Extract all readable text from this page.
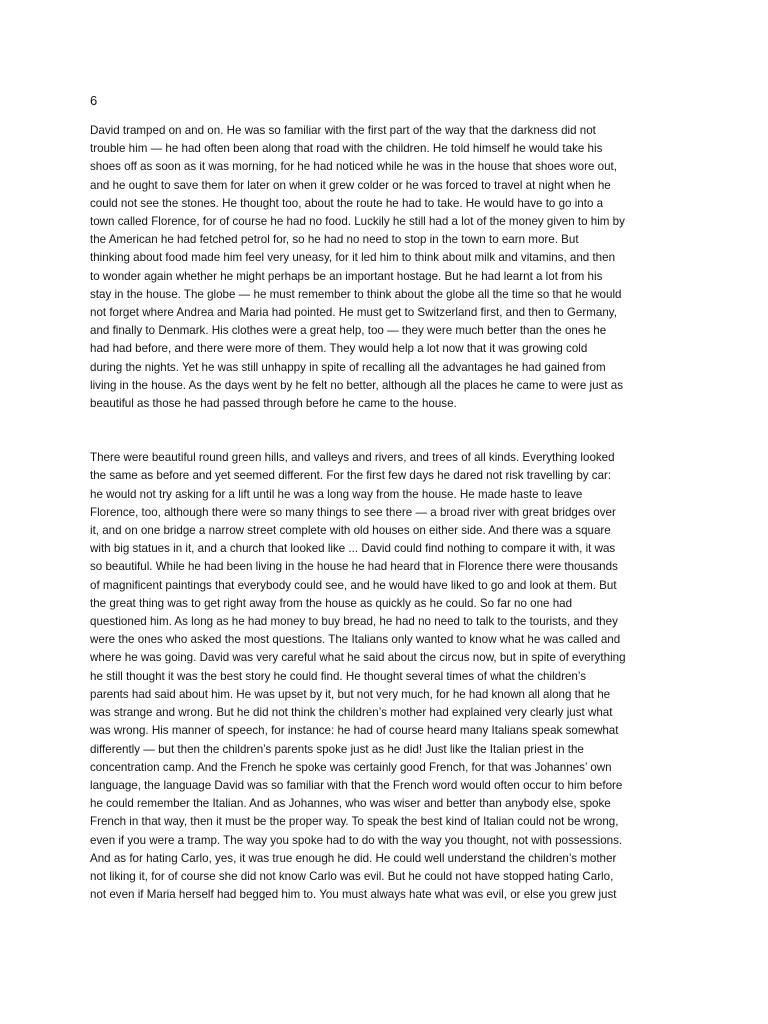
6
David tramped on and on. He was so familiar with the first part of the way that the darkness did not
trouble him — he had often been along that road with the children. He told himself he would take his
shoes off as soon as it was morning, for he had noticed while he was in the house that shoes wore out,
and he ought to save them for later on when it grew colder or he was forced to travel at night when he
could not see the stones. He thought too, about the route he had to take. He would have to go into a
town called Florence, for of course he had no food. Luckily he still had a lot of the money given to him by
the American he had fetched petrol for, so he had no need to stop in the town to earn more. But
thinking about food made him feel very uneasy, for it led him to think about milk and vitamins, and then
to wonder again whether he might perhaps be an important hostage. But he had learnt a lot from his
stay in the house. The globe — he must remember to think about the globe all the time so that he would
not forget where Andrea and Maria had pointed. He must get to Switzerland first, and then to Germany,
and finally to Denmark. His clothes were a great help, too — they were much better than the ones he
had had before, and there were more of them. They would help a lot now that it was growing cold
during the nights. Yet he was still unhappy in spite of recalling all the advantages he had gained from
living in the house. As the days went by he felt no better, although all the places he came to were just as
beautiful as those he had passed through before he came to the house.
There were beautiful round green hills, and valleys and rivers, and trees of all kinds. Everything looked
the same as before and yet seemed different. For the first few days he dared not risk travelling by car:
he would not try asking for a lift until he was a long way from the house. He made haste to leave
Florence, too, although there were so many things to see there — a broad river with great bridges over
it, and on one bridge a narrow street complete with old houses on either side. And there was a square
with big statues in it, and a church that looked like ... David could find nothing to compare it with, it was
so beautiful. While he had been living in the house he had heard that in Florence there were thousands
of magnificent paintings that everybody could see, and he would have liked to go and look at them. But
the great thing was to get right away from the house as quickly as he could. So far no one had
questioned him. As long as he had money to buy bread, he had no need to talk to the tourists, and they
were the ones who asked the most questions. The Italians only wanted to know what he was called and
where he was going. David was very careful what he said about the circus now, but in spite of everything
he still thought it was the best story he could find. He thought several times of what the children’s
parents had said about him. He was upset by it, but not very much, for he had known all along that he
was strange and wrong. But he did not think the children’s mother had explained very clearly just what
was wrong. His manner of speech, for instance: he had of course heard many Italians speak somewhat
differently — but then the children’s parents spoke just as he did! Just like the Italian priest in the
concentration camp. And the French he spoke was certainly good French, for that was Johannes’ own
language, the language David was so familiar with that the French word would often occur to him before
he could remember the Italian. And as Johannes, who was wiser and better than anybody else, spoke
French in that way, then it must be the proper way. To speak the best kind of Italian could not be wrong,
even if you were a tramp. The way you spoke had to do with the way you thought, not with possessions.
And as for hating Carlo, yes, it was true enough he did. He could well understand the children’s mother
not liking it, for of course she did not know Carlo was evil. But he could not have stopped hating Carlo,
not even if Maria herself had begged him to. You must always hate what was evil, or else you grew just
